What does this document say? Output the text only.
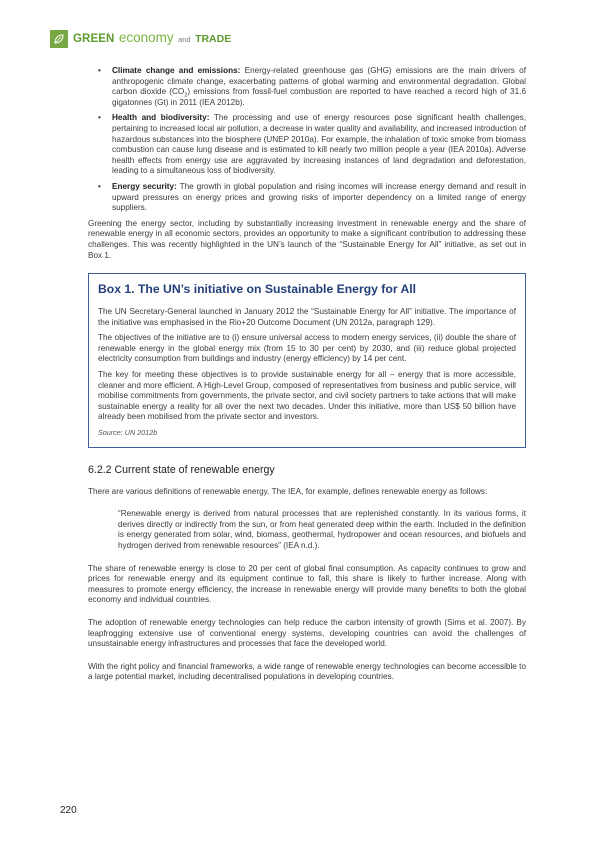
GREEN economy and TRADE
• Climate change and emissions: Energy-related greenhouse gas (GHG) emissions are the main drivers of anthropogenic climate change, exacerbating patterns of global warming and environmental degradation. Global carbon dioxide $(CO_2)$ emissions from fossil-fuel combustion are reported to have reached a record high of 31.6 gigatonnes (Gt) in 2011 (IEA 2012b).
• Health and biodiversity: The processing and use of energy resources pose significant health challenges, pertaining to increased local air pollution, a decrease in water quality and availability, and increased introduction of hazardous substances into the biosphere (UNEP 2010a). For example, the inhalation of toxic smoke from biomass combustion can cause lung disease and is estimated to kill nearly two million people a year (IEA 2010a). Adverse health effects from energy use are aggravated by increasing instances of land degradation and deforestation, leading to a simultaneous loss of biodiversity.
• Energy security: The growth in global population and rising incomes will increase energy demand and result in upward pressures on energy prices and growing risks of importer dependency on a limited range of energy suppliers.

Greening the energy sector, including by substantially increasing investment in renewable energy and the share of renewable energy in all economic sectors, provides an opportunity to make a significant contribution to addressing these challenges. This was recently highlighted in the UN’s launch of the “Sustainable Energy for All” initiative, as set out in Box 1.

Box 1. The UN’s initiative on Sustainable Energy for All

The UN Secretary-General launched in January 2012 the “Sustainable Energy for All” initiative. The importance of the initiative was emphasised in the Rio+20 Outcome Document (UN 2012a, paragraph 129).

The objectives of the initiative are to (i) ensure universal access to modern energy services, (ii) double the share of renewable energy in the global energy mix (from 15 to 30 per cent) by 2030, and (iii) reduce global projected electricity consumption from buildings and industry (energy efficiency) by 14 per cent.

The key for meeting these objectives is to provide sustainable energy for all – energy that is more accessible, cleaner and more efficient. A High-Level Group, composed of representatives from business and public service, will mobilise commitments from governments, the private sector, and civil society partners to take actions that will make sustainable energy a reality for all over the next two decades. Under this initiative, more than US$ 50 billion have already been mobilised from the private sector and investors.

Source: UN 2012b

6.2.2 Current state of renewable energy

There are various definitions of renewable energy. The IEA, for example, defines renewable energy as follows:

“Renewable energy is derived from natural processes that are replenished constantly. In its various forms, it derives directly or indirectly from the sun, or from heat generated deep within the earth. Included in the definition is energy generated from solar, wind, biomass, geothermal, hydropower and ocean resources, and biofuels and hydrogen derived from renewable resources” (IEA n.d.).

The share of renewable energy is close to 20 per cent of global final consumption. As capacity continues to grow and prices for renewable energy and its equipment continue to fall, this share is likely to further increase. Along with measures to promote energy efficiency, the increase in renewable energy will provide many benefits to both the global economy and individual countries.

The adoption of renewable energy technologies can help reduce the carbon intensity of growth (Sims et al. 2007). By leapfrogging extensive use of conventional energy systems, developing countries can avoid the challenges of unsustainable energy infrastructures and processes that face the developed world.

With the right policy and financial frameworks, a wide range of renewable energy technologies can become accessible to a large potential market, including decentralised populations in developing countries.

220
